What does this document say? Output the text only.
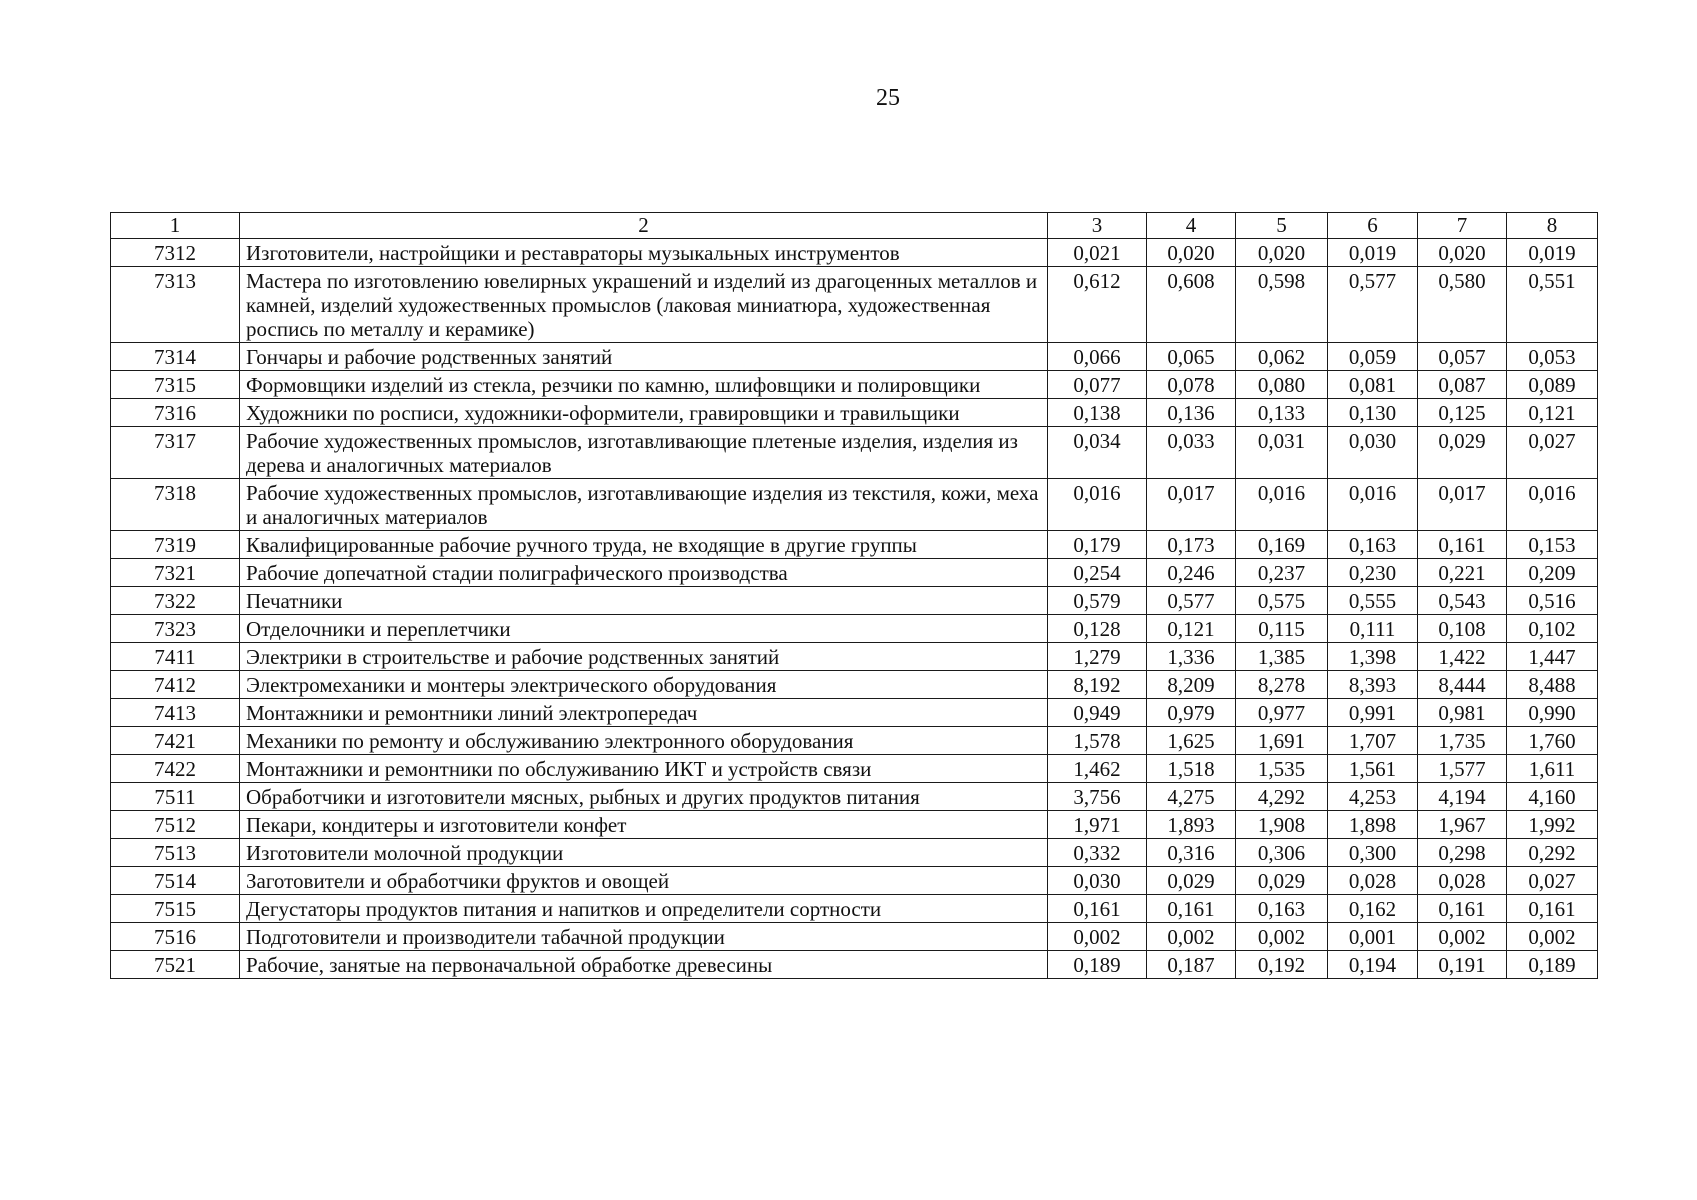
25
1	2	3	4	5	6	7	8
7312	Изготовители, настройщики и реставраторы музыкальных инструментов	0,021	0,020	0,020	0,019	0,020	0,019
7313	Мастера по изготовлению ювелирных украшений и изделий из драгоценных металлов и камней, изделий художественных промыслов (лаковая миниатюра, художественная роспись по металлу и керамике)	0,612	0,608	0,598	0,577	0,580	0,551
7314	Гончары и рабочие родственных занятий	0,066	0,065	0,062	0,059	0,057	0,053
7315	Формовщики изделий из стекла, резчики по камню, шлифовщики и полировщики	0,077	0,078	0,080	0,081	0,087	0,089
7316	Художники по росписи, художники-оформители, гравировщики и травильщики	0,138	0,136	0,133	0,130	0,125	0,121
7317	Рабочие художественных промыслов, изготавливающие плетеные изделия, изделия из дерева и аналогичных материалов	0,034	0,033	0,031	0,030	0,029	0,027
7318	Рабочие художественных промыслов, изготавливающие изделия из текстиля, кожи, меха и аналогичных материалов	0,016	0,017	0,016	0,016	0,017	0,016
7319	Квалифицированные рабочие ручного труда, не входящие в другие группы	0,179	0,173	0,169	0,163	0,161	0,153
7321	Рабочие допечатной стадии полиграфического производства	0,254	0,246	0,237	0,230	0,221	0,209
7322	Печатники	0,579	0,577	0,575	0,555	0,543	0,516
7323	Отделочники и переплетчики	0,128	0,121	0,115	0,111	0,108	0,102
7411	Электрики в строительстве и рабочие родственных занятий	1,279	1,336	1,385	1,398	1,422	1,447
7412	Электромеханики и монтеры электрического оборудования	8,192	8,209	8,278	8,393	8,444	8,488
7413	Монтажники и ремонтники линий электропередач	0,949	0,979	0,977	0,991	0,981	0,990
7421	Механики по ремонту и обслуживанию электронного оборудования	1,578	1,625	1,691	1,707	1,735	1,760
7422	Монтажники и ремонтники по обслуживанию ИКТ и устройств связи	1,462	1,518	1,535	1,561	1,577	1,611
7511	Обработчики и изготовители мясных, рыбных и других продуктов питания	3,756	4,275	4,292	4,253	4,194	4,160
7512	Пекари, кондитеры и изготовители конфет	1,971	1,893	1,908	1,898	1,967	1,992
7513	Изготовители молочной продукции	0,332	0,316	0,306	0,300	0,298	0,292
7514	Заготовители и обработчики фруктов и овощей	0,030	0,029	0,029	0,028	0,028	0,027
7515	Дегустаторы продуктов питания и напитков и определители сортности	0,161	0,161	0,163	0,162	0,161	0,161
7516	Подготовители и производители табачной продукции	0,002	0,002	0,002	0,001	0,002	0,002
7521	Рабочие, занятые на первоначальной обработке древесины	0,189	0,187	0,192	0,194	0,191	0,189
